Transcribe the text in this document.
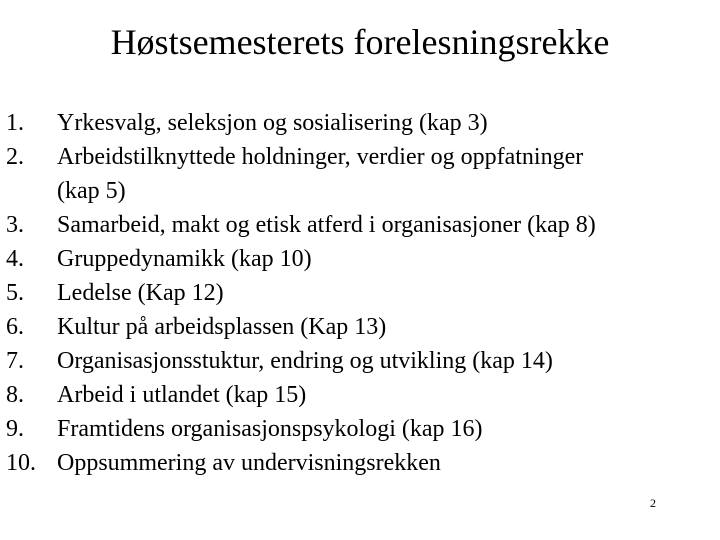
Høstsemesterets forelesningsrekke
1.	Yrkesvalg, seleksjon og sosialisering (kap 3)
2.	Arbeidstilknyttede holdninger, verdier og oppfatninger
(kap 5)
3.	Samarbeid, makt og etisk atferd i organisasjoner (kap 8)
4.	Gruppedynamikk (kap 10)
5.	Ledelse (Kap 12)
6.	Kultur på arbeidsplassen (Kap 13)
7.	Organisasjonsstuktur, endring og utvikling (kap 14)
8.	Arbeid i utlandet (kap 15)
9.	Framtidens organisasjonspsykologi (kap 16)
10. Oppsummering av undervisningsrekken
2
